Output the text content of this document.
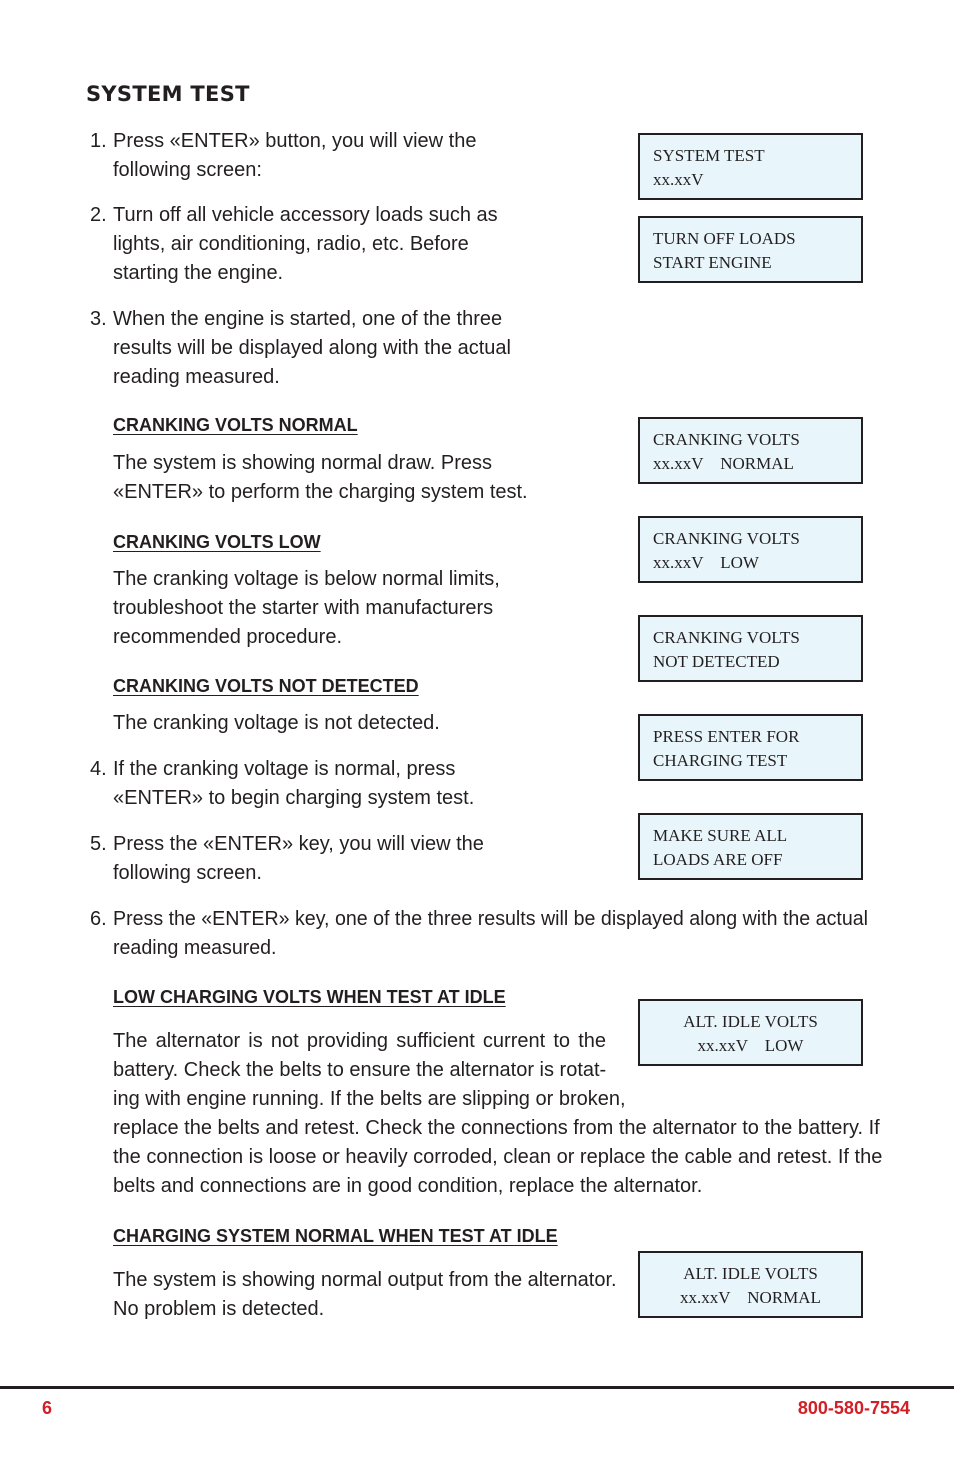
SYSTEM TEST
1. Press «ENTER» button, you will view the
following screen:
2. Turn off all vehicle accessory loads such as
lights, air conditioning, radio, etc. Before
starting the engine.
3. When the engine is started, one of the three
results will be displayed along with the actual
reading measured.
CRANKING VOLTS NORMAL
The system is showing normal draw. Press
«ENTER» to perform the charging system test.
CRANKING VOLTS LOW
The cranking voltage is below normal limits,
troubleshoot the starter with manufacturers
recommended procedure.
CRANKING VOLTS NOT DETECTED
The cranking voltage is not detected.
4. If the cranking voltage is normal, press
«ENTER» to begin charging system test.
5. Press the «ENTER» key, you will view the
following screen.
6. Press the «ENTER» key, one of the three results will be displayed along with the actual
reading measured.
LOW CHARGING VOLTS WHEN TEST AT IDLE
The alternator is not providing sufficient current to the
battery. Check the belts to ensure the alternator is rotat-
ing with engine running. If the belts are slipping or broken,
replace the belts and retest. Check the connections from the alternator to the battery. If
the connection is loose or heavily corroded, clean or replace the cable and retest. If the
belts and connections are in good condition, replace the alternator.
CHARGING SYSTEM NORMAL WHEN TEST AT IDLE
The system is showing normal output from the alternator.
No problem is detected.
SYSTEM TEST
xx.xxV
TURN OFF LOADS
START ENGINE
CRANKING VOLTS
xx.xxV    NORMAL
CRANKING VOLTS
xx.xxV    LOW
CRANKING VOLTS
NOT DETECTED
PRESS ENTER FOR
CHARGING TEST
MAKE SURE ALL
LOADS ARE OFF
ALT. IDLE VOLTS
xx.xxV    LOW
ALT. IDLE VOLTS
xx.xxV    NORMAL
6	800-580-7554
